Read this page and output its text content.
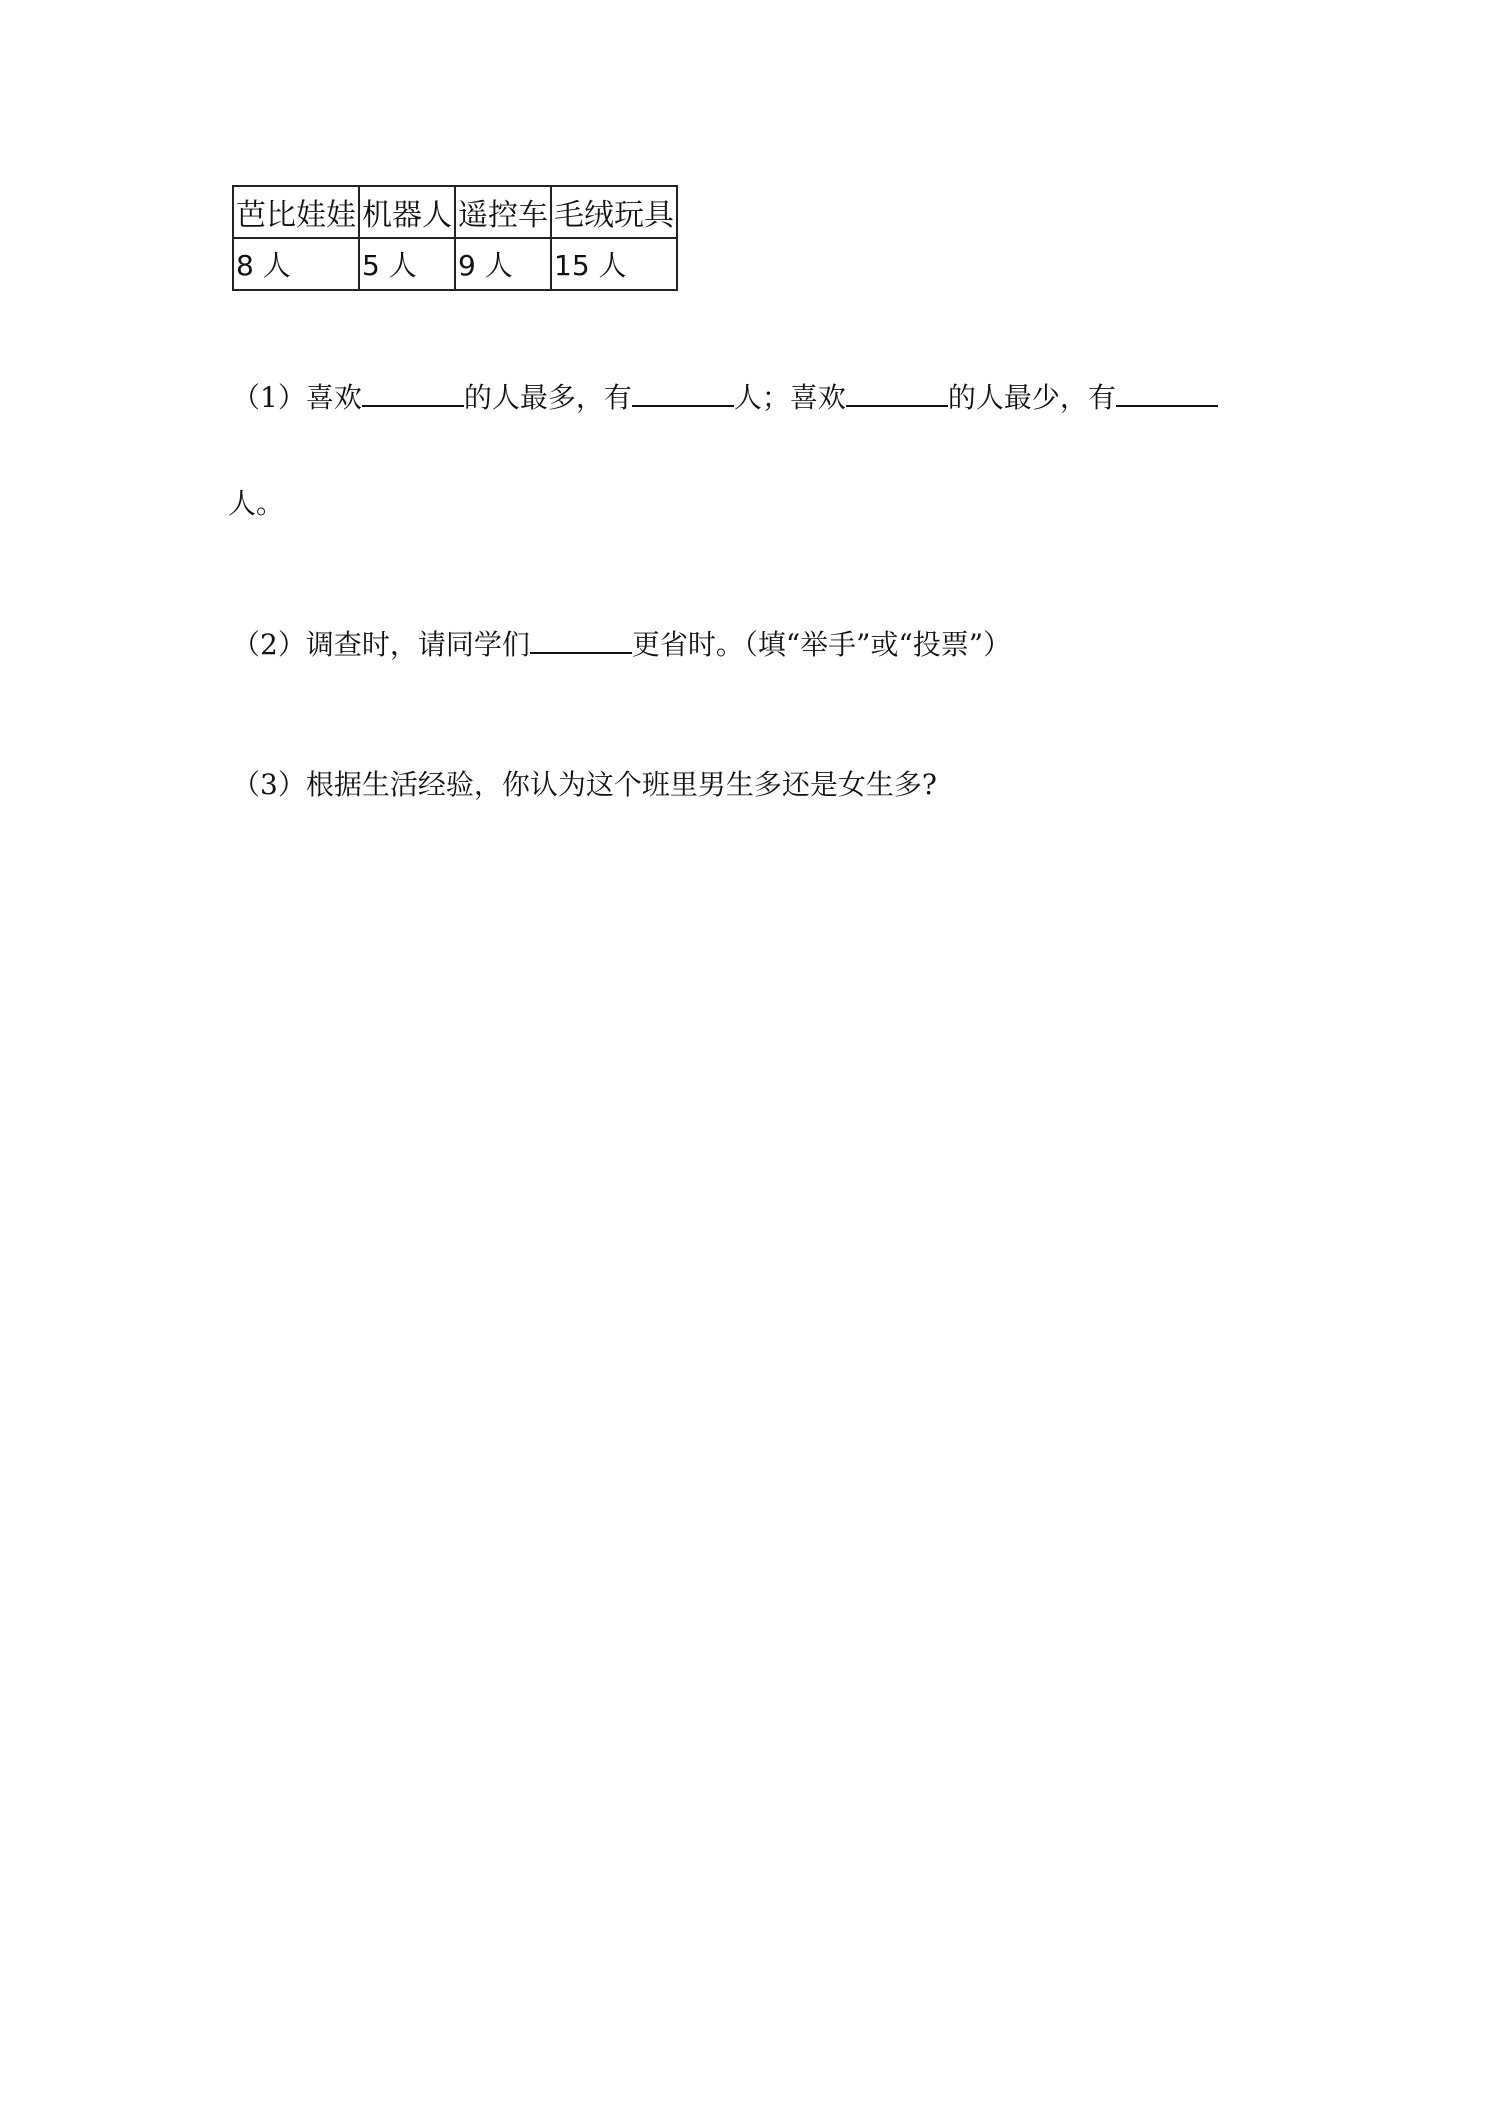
芭比娃娃	机器人	遥控车	毛绒玩具
8 人	5 人	9 人	15 人
（1）喜欢	的人最多，有	人；喜欢	的人最少，有
人。
（2）调查时，请同学们	更省时。（填“举手”或“投票”）
（3）根据生活经验，你认为这个班里男生多还是女生多?
